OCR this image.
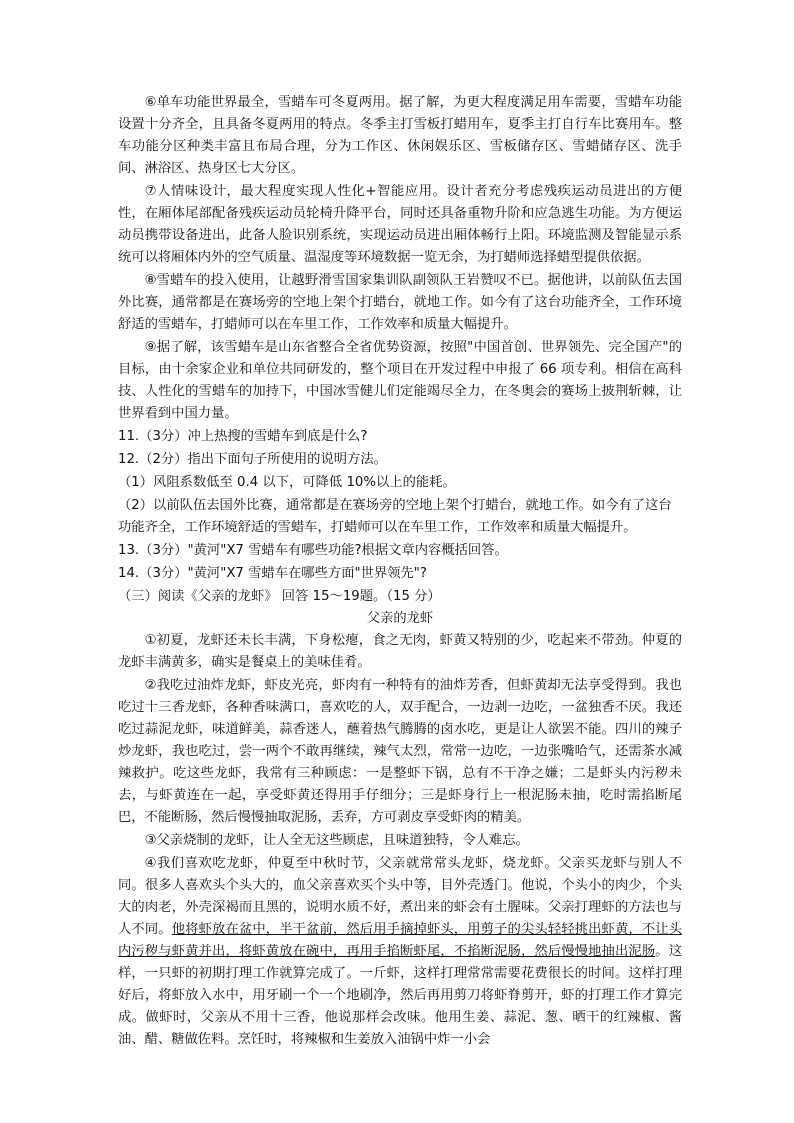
⑥单车功能世界最全，雪蜡车可冬夏两用。据了解，为更大程度满足用车需要，雪蜡车功能设置十分齐全，且具备冬夏两用的特点。冬季主打雪板打蜡用车，夏季主打自行车比赛用车。整车功能分区种类丰富且布局合理，分为工作区、休闲娱乐区、雪板储存区、雪蜡储存区、洗手间、淋浴区、热身区七大分区。

⑦人情味设计，最大程度实现人性化+智能应用。设计者充分考虑残疾运动员进出的方便性，在厢体尾部配备残疾运动员轮椅升降平台，同时还具备重物升阶和应急逃生功能。为方便运动员携带设备进出，此备人脸识别系统，实现运动员进出厢体畅行上阳。环境监测及智能显示系统可以将厢体内外的空气质量、温湿度等环境数据一览无余，为打蜡师选择蜡型提供依据。

⑧雪蜡车的投入使用，让越野滑雪国家集训队副领队王岩赞叹不已。据他讲，以前队伍去国外比赛，通常都是在赛场旁的空地上架个打蜡台，就地工作。如今有了这台功能齐全，工作环境舒适的雪蜡车，打蜡师可以在车里工作，工作效率和质量大幅提升。

⑨据了解，该雪蜡车是山东省整合全省优势资源，按照"中国首创、世界领先、完全国产"的目标，由十余家企业和单位共同研发的，整个项目在开发过程中申报了 66 项专利。相信在高科技、人性化的雪蜡车的加持下，中国冰雪健儿们定能竭尽全力，在冬奥会的赛场上披荆斩棘，让世界看到中国力量。

11.（3分）冲上热搜的雪蜡车到底是什么?

12.（2分）指出下面句子所使用的说明方法。

（1）风阻系数低至 0.4 以下，可降低 10%以上的能耗。

（2）以前队伍去国外比赛，通常都是在赛场旁的空地上架个打蜡台，就地工作。如今有了这台功能齐全，工作环境舒适的雪蜡车，打蜡师可以在车里工作，工作效率和质量大幅提升。

13.（3分）"黄河"X7 雪蜡车有哪些功能?根据文章内容概括回答。

14.（3分）"黄河"X7 雪蜡车在哪些方面"世界领先"?

（三）阅读《父亲的龙虾》 回答 15～19题。（15 分）

父亲的龙虾

①初夏，龙虾还未长丰满，下身松瘪，食之无肉，虾黄又特别的少，吃起来不带劲。仲夏的龙虾丰满黄多，确实是餐桌上的美味佳肴。

②我吃过油炸龙虾，虾皮光亮，虾肉有一种特有的油炸芳香，但虾黄却无法享受得到。我也吃过十三香龙虾，各种香味满口，喜欢吃的人，双手配合，一边剥一边吃，一盆独香不厌。我还吃过蒜泥龙虾，味道鲜美，蒜香迷人，蘸着热气腾腾的卤水吃，更是让人欲罢不能。四川的辣子炒龙虾，我也吃过，尝一两个不敢再继续，辣气太烈，常常一边吃，一边张嘴哈气，还需茶水减辣救护。吃这些龙虾，我常有三种顾虑：一是整虾下锅，总有不干净之嫌；二是虾头内污秽未去，与虾黄连在一起，享受虾黄还得用手仔细分；三是虾身行上一根泥肠未抽，吃时需掐断尾巴，不能断肠，然后慢慢抽取泥肠，丢弃，方可剥皮享受虾肉的精美。

③父亲烧制的龙虾，让人全无这些顾虑，且味道独特，令人难忘。

④我们喜欢吃龙虾，仲夏至中秋时节，父亲就常常头龙虾，烧龙虾。父亲买龙虾与别人不同。很多人喜欢头个头大的，血父亲喜欢买个头中等，目外壳透门。他说，个头小的肉少，个头大的肉老，外壳深褐而且黑的，说明水质不好，煮出来的虾会有土腥味。父亲打理虾的方法也与人不同。他将虾放在盆中，半干盆前，然后用手摘掉虾头，用剪子的尖头轻轻挑出虾黄，不让头内污秽与虾黄并出，将虾黄放在碗中，再用手掐断虾尾，不掐断泥肠，然后慢慢地抽出泥肠。这样，一只虾的初期打理工作就算完成了。一斤虾，这样打理常常需要花费很长的时间。这样打理好后，将虾放入水中，用牙刷一个一个地刷净，然后再用剪刀将虾脊剪开，虾的打理工作才算完成。做虾时，父亲从不用十三香，他说那样会改味。他用生姜、蒜泥、葱、晒干的红辣椒、酱油、醋、糖做佐料。烹饪时，将辣椒和生姜放入油锅中炸一小会
